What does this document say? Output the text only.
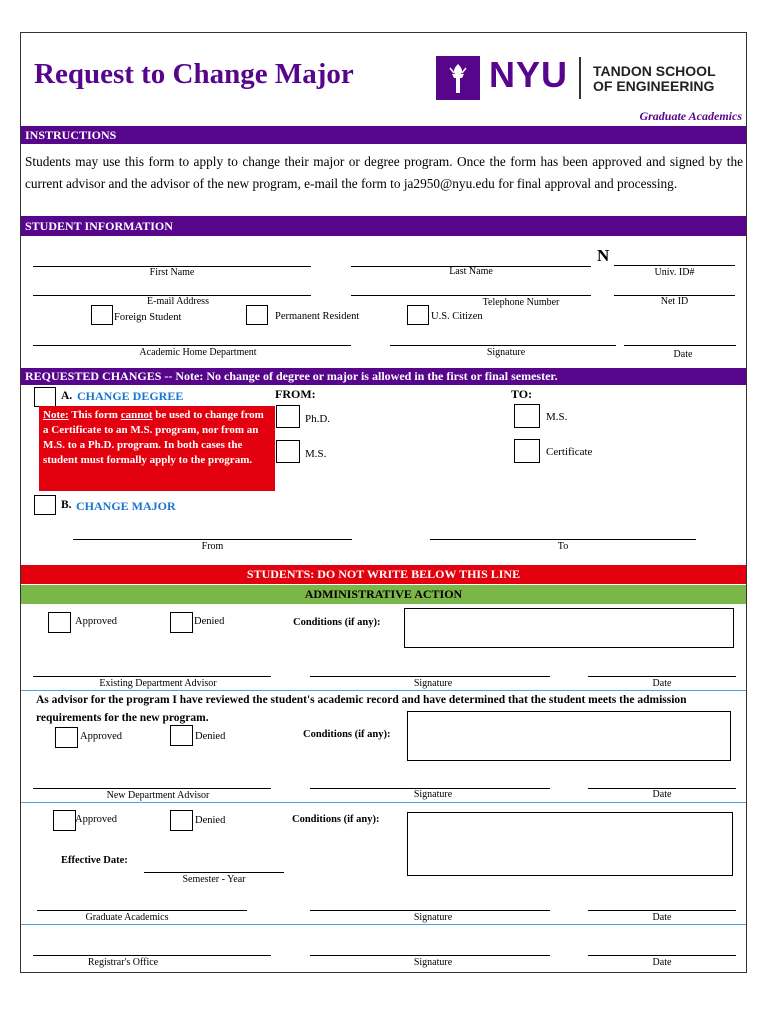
Request to Change Major	NYU TANDON SCHOOL
OF ENGINEERING
Graduate Academics
INSTRUCTIONS
Students may use this form to apply to change their major or degree program. Once the form has been approved and signed by the current advisor and the advisor of the new program, e-mail the form to ja2950@nyu.edu for final approval and processing.
STUDENT INFORMATION
First Name	Last Name
N
Univ. ID#
E-mail Address	Telephone Number	Net ID
Foreign Student	Permanent Resident	U.S. Citizen
Academic Home Department	Signature	Date
REQUESTED CHANGES -- Note: No change of degree or major is allowed in the first or final semester.
A. CHANGE DEGREE	FROM:	TO:
Note: This form cannot be used to change from a Certificate to an M.S. program, nor from an M.S. to a Ph.D. program. In both cases the student must formally apply to the program.
Ph.D.
M.S.
M.S.
Certificate
B. CHANGE MAJOR
From	To
STUDENTS: DO NOT WRITE BELOW THIS LINE
ADMINISTRATIVE ACTION
Approved	Denied	Conditions (if any):
Existing Department Advisor	Signature	Date
As advisor for the program I have reviewed the student's academic record and have determined that the student meets the admission requirements for the new program.
Approved	Denied	Conditions (if any):
New Department Advisor	Signature	Date
Approved	Denied	Conditions (if any):
Effective Date:
Semester - Year
Graduate Academics	Signature	Date
Registrar's Office	Signature	Date
